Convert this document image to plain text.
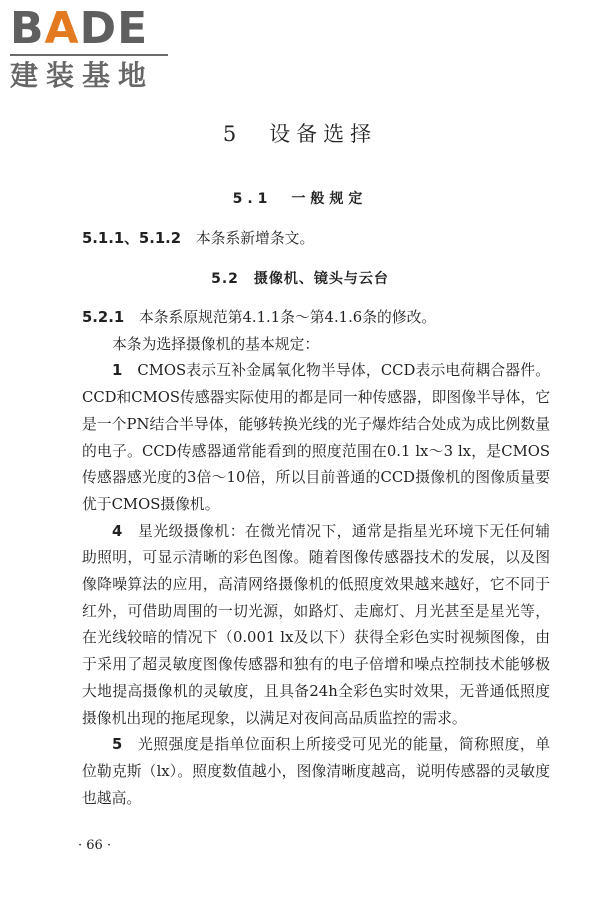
BADE
建装基地
5　设备选择
5.1　一般规定

5.1.1、5.1.2　本条系新增条文。

5.2　摄像机、镜头与云台

5.2.1　本条系原规范第4.1.1条～第4.1.6条的修改。

本条为选择摄像机的基本规定：

1　CMOS表示互补金属氧化物半导体，CCD表示电荷耦合器件。CCD和CMOS传感器实际使用的都是同一种传感器，即图像半导体，它是一个PN结合半导体，能够转换光线的光子爆炸结合处成为成比例数量的电子。CCD传感器通常能看到的照度范围在0.1 lx～3 lx，是CMOS传感器感光度的3倍～10倍，所以目前普通的CCD摄像机的图像质量要优于CMOS摄像机。

4　星光级摄像机：在微光情况下，通常是指星光环境下无任何辅助照明，可显示清晰的彩色图像。随着图像传感器技术的发展，以及图像降噪算法的应用，高清网络摄像机的低照度效果越来越好，它不同于红外，可借助周围的一切光源，如路灯、走廊灯、月光甚至是星光等，在光线较暗的情况下（0.001 lx及以下）获得全彩色实时视频图像，由于采用了超灵敏度图像传感器和独有的电子倍增和噪点控制技术能够极大地提高摄像机的灵敏度，且具备24h全彩色实时效果，无普通低照度摄像机出现的拖尾现象，以满足对夜间高品质监控的需求。

5　光照强度是指单位面积上所接受可见光的能量，简称照度，单位勒克斯（lx）。照度数值越小，图像清晰度越高，说明传感器的灵敏度也越高。

· 66 ·
